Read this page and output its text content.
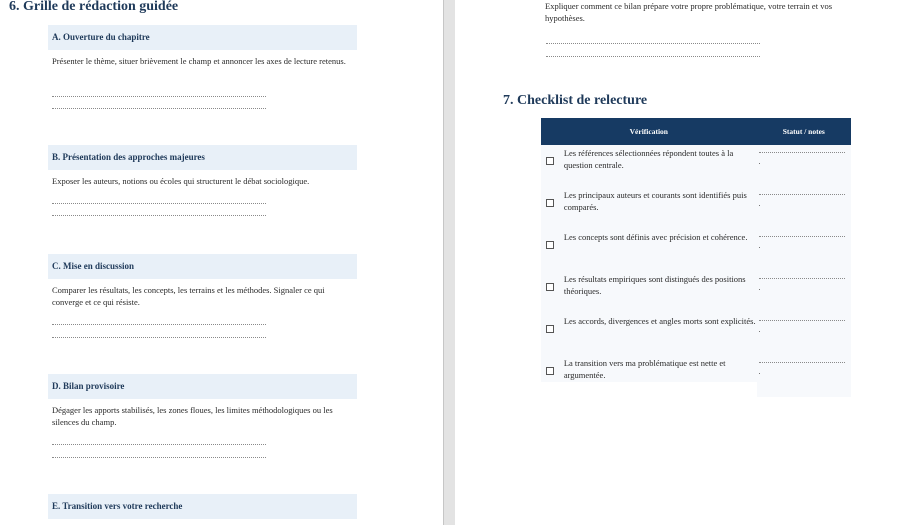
6. Grille de rédaction guidée
A. Ouverture du chapitre
Présenter le thème, situer brièvement le champ et annoncer les axes de lecture retenus.
B. Présentation des approches majeures
Exposer les auteurs, notions ou écoles qui structurent le débat sociologique.
C. Mise en discussion
Comparer les résultats, les concepts, les terrains et les méthodes. Signaler ce qui converge et ce qui résiste.
D. Bilan provisoire
Dégager les apports stabilisés, les zones floues, les limites méthodologiques ou les silences du champ.
E. Transition vers votre recherche
Expliquer comment ce bilan prépare votre propre problématique, votre terrain et vos hypothèses.
7. Checklist de relecture
Vérification		Statut / notes

	Les références sélectionnées répondent toutes à la question centrale.	

	Les principaux auteurs et courants sont identifiés puis comparés.	

	Les concepts sont définis avec précision et cohérence.	

	Les résultats empiriques sont distingués des positions théoriques.	

	Les accords, divergences et angles morts sont explicités.	

	La transition vers ma problématique est nette et argumentée.	
